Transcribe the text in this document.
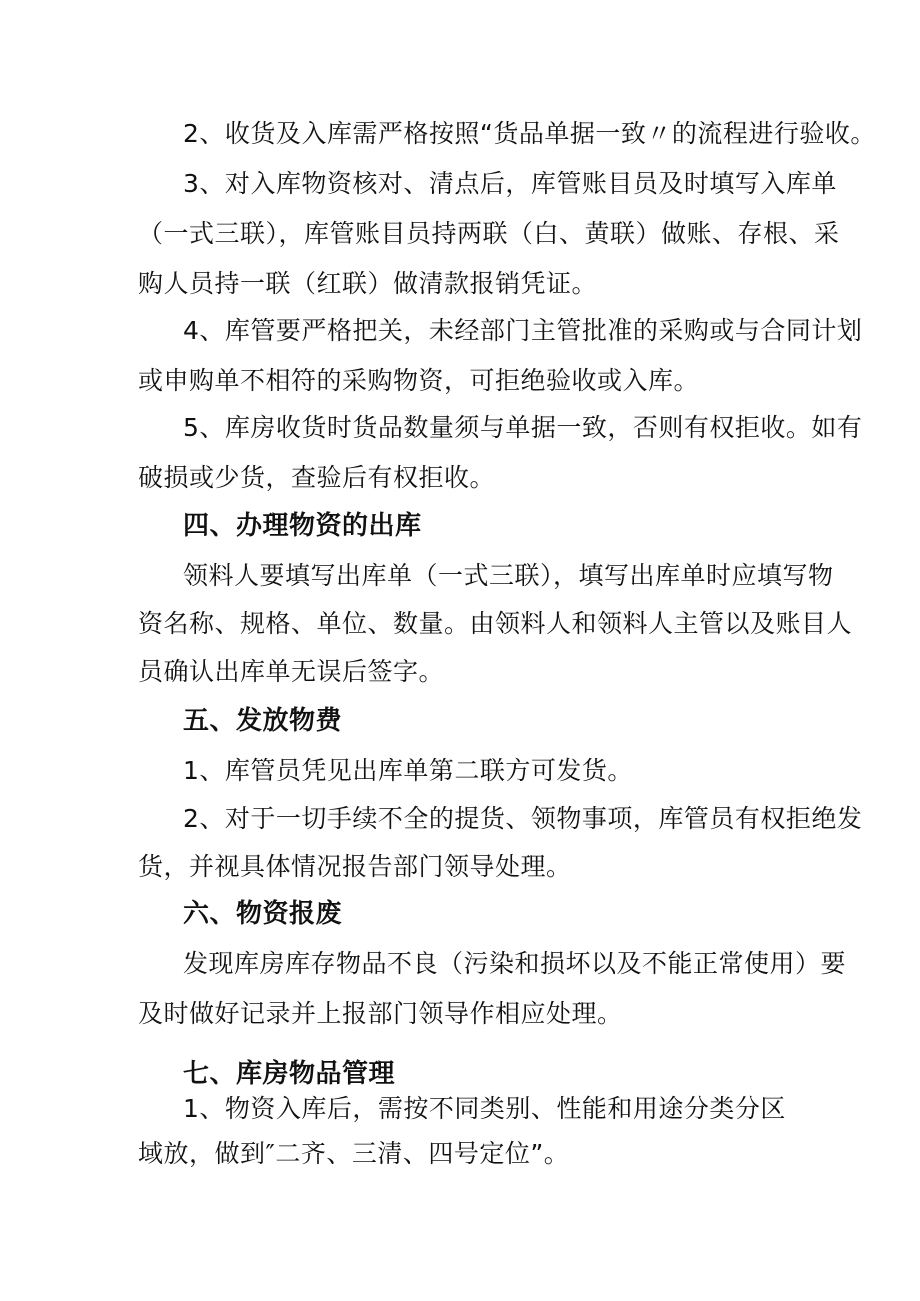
2、收货及入库需严格按照“货品单据一致〃的流程进行验收。
3、对入库物资核对、清点后，库管账目员及时填写入库单
（一式三联），库管账目员持两联（白、黄联）做账、存根、采
购人员持一联（红联）做清款报销凭证。
4、库管要严格把关，未经部门主管批准的采购或与合同计划
或申购单不相符的采购物资，可拒绝验收或入库。
5、库房收货时货品数量须与单据一致，否则有权拒收。如有
破损或少货，查验后有权拒收。
四、办理物资的出库
领料人要填写出库单（一式三联），填写出库单时应填写物
资名称、规格、单位、数量。由领料人和领料人主管以及账目人
员确认出库单无误后签字。
五、发放物费
1、库管员凭见出库单第二联方可发货。
2、对于一切手续不全的提货、领物事项，库管员有权拒绝发
货，并视具体情况报告部门领导处理。
六、物资报废
发现库房库存物品不良（污染和损坏以及不能正常使用）要
及时做好记录并上报部门领导作相应处理。
七、库房物品管理
1、物资入库后，需按不同类别、性能和用途分类分区
域放，做到″二齐、三清、四号定位”。
